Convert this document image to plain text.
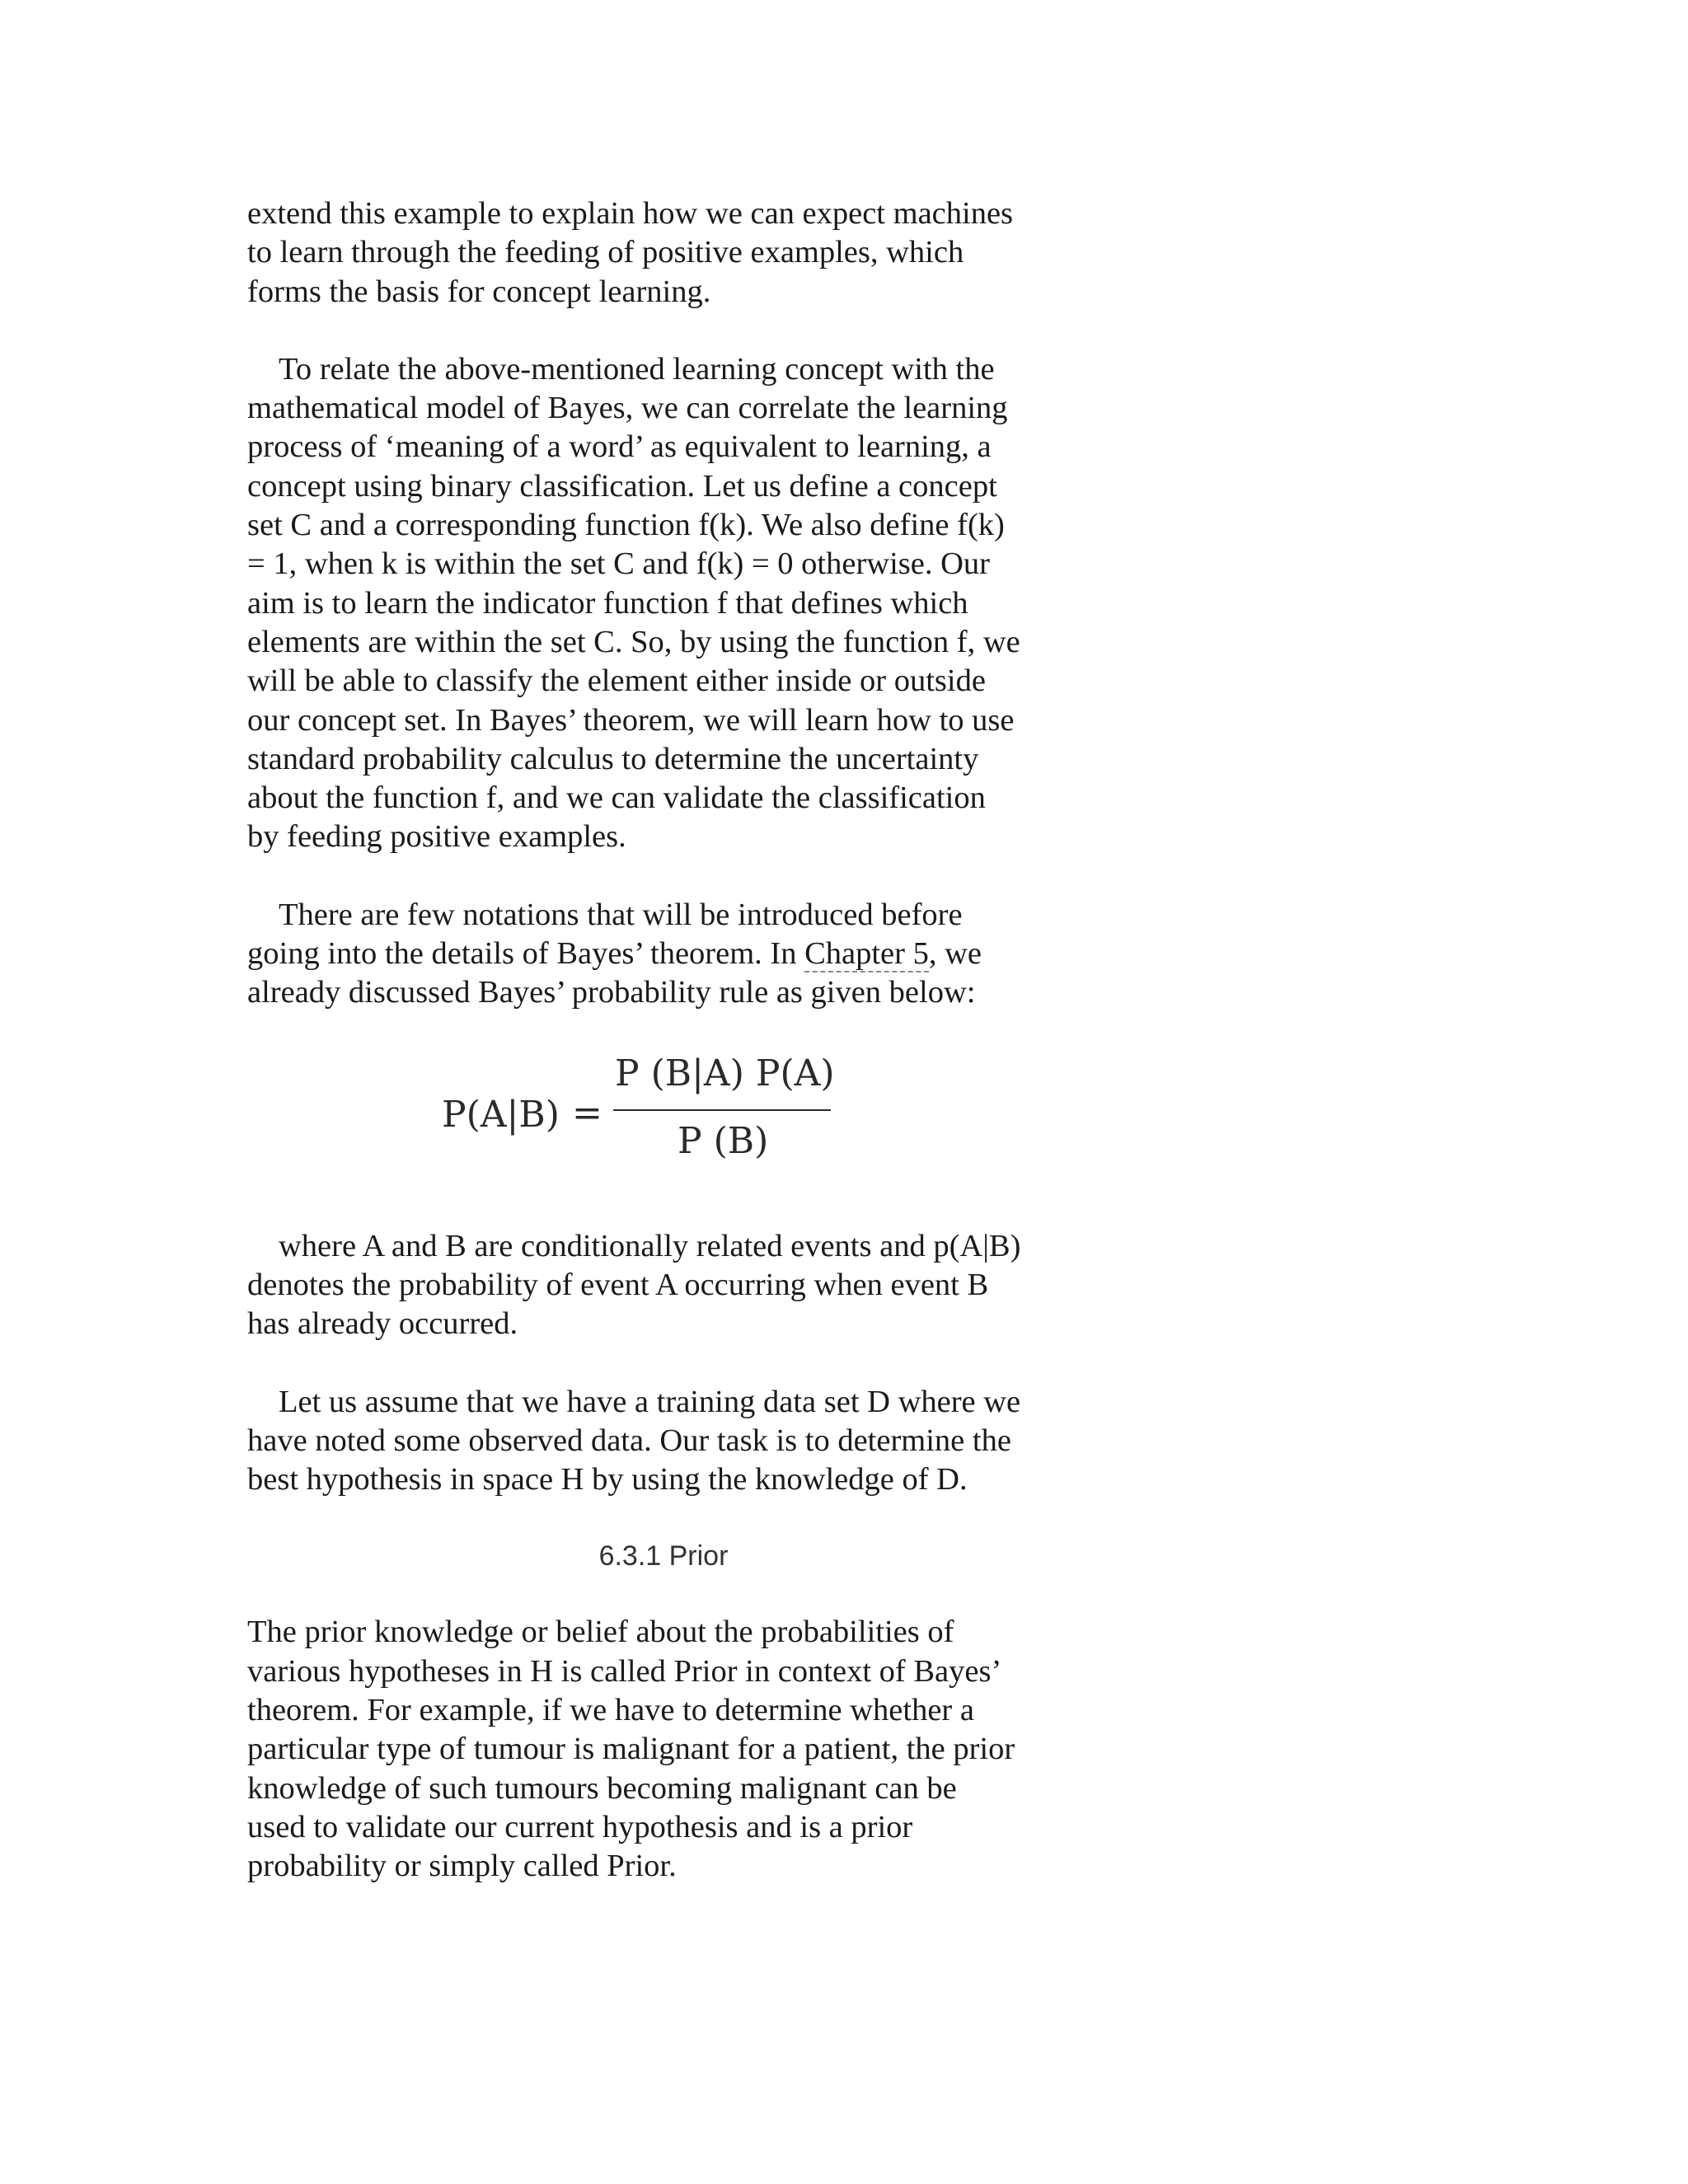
extend this example to explain how we can expect machines to learn through the feeding of positive examples, which forms the basis for concept learning.

To relate the above-mentioned learning concept with the mathematical model of Bayes, we can correlate the learning process of ‘meaning of a word’ as equivalent to learning, a concept using binary classification. Let us define a concept set C and a corresponding function f(k). We also define f(k) = 1, when k is within the set C and f(k) = 0 otherwise. Our aim is to learn the indicator function f that defines which elements are within the set C. So, by using the function f, we will be able to classify the element either inside or outside our concept set. In Bayes’ theorem, we will learn how to use standard probability calculus to determine the uncertainty about the function f, and we can validate the classification by feeding positive examples.

There are few notations that will be introduced before going into the details of Bayes’ theorem. In Chapter 5, we already discussed Bayes’ probability rule as given below:

P(A|B) =
P (B|A) P(A)
P (B)

where A and B are conditionally related events and p(A|B) denotes the probability of event A occurring when event B has already occurred.

Let us assume that we have a training data set D where we have noted some observed data. Our task is to determine the best hypothesis in space H by using the knowledge of D.

6.3.1 Prior

The prior knowledge or belief about the probabilities of various hypotheses in H is called Prior in context of Bayes’ theorem. For example, if we have to determine whether a particular type of tumour is malignant for a patient, the prior knowledge of such tumours becoming malignant can be used to validate our current hypothesis and is a prior probability or simply called Prior.
